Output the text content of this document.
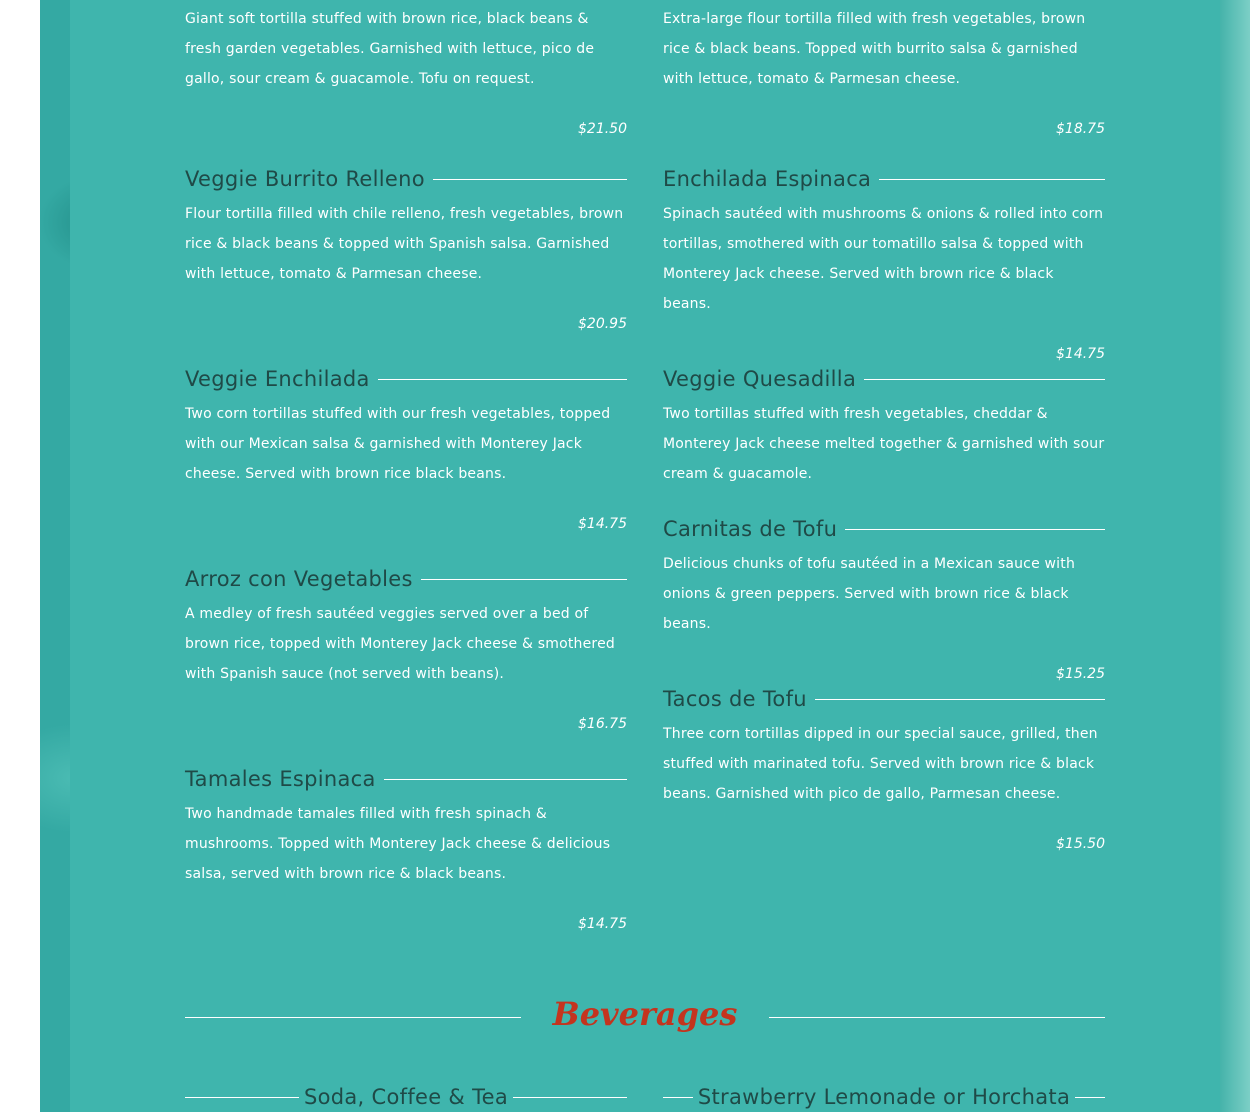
Giant soft tortilla stuffed with brown rice, black beans & fresh garden vegetables. Garnished with lettuce, pico de gallo, sour cream & guacamole. Tofu on request.

$21.50
Veggie Burrito Relleno

Flour tortilla filled with chile relleno, fresh vegetables, brown rice & black beans & topped with Spanish salsa. Garnished with lettuce, tomato & Parmesan cheese.

$20.95
Veggie Enchilada

Two corn tortillas stuffed with our fresh vegetables, topped with our Mexican salsa & garnished with Monterey Jack cheese. Served with brown rice black beans.

$14.75
Arroz con Vegetables

A medley of fresh sautéed veggies served over a bed of brown rice, topped with Monterey Jack cheese & smothered with Spanish sauce (not served with beans).

$16.75
Tamales Espinaca

Two handmade tamales filled with fresh spinach & mushrooms. Topped with Monterey Jack cheese & delicious salsa, served with brown rice & black beans.

$14.75

Extra-large flour tortilla filled with fresh vegetables, brown rice & black beans. Topped with burrito salsa & garnished with lettuce, tomato & Parmesan cheese.

$18.75
Enchilada Espinaca

Spinach sautéed with mushrooms & onions & rolled into corn tortillas, smothered with our tomatillo salsa & topped with Monterey Jack cheese. Served with brown rice & black beans.

$14.75
Veggie Quesadilla

Two tortillas stuffed with fresh vegetables, cheddar & Monterey Jack cheese melted together & garnished with sour cream & guacamole.

Carnitas de Tofu

Delicious chunks of tofu sautéed in a Mexican sauce with onions & green peppers. Served with brown rice & black beans.

$15.25
Tacos de Tofu

Three corn tortillas dipped in our special sauce, grilled, then stuffed with marinated tofu. Served with brown rice & black beans. Garnished with pico de gallo, Parmesan cheese.

$15.50
Beverages
Soda, Coffee & Tea	Strawberry Lemonade or Horchata
